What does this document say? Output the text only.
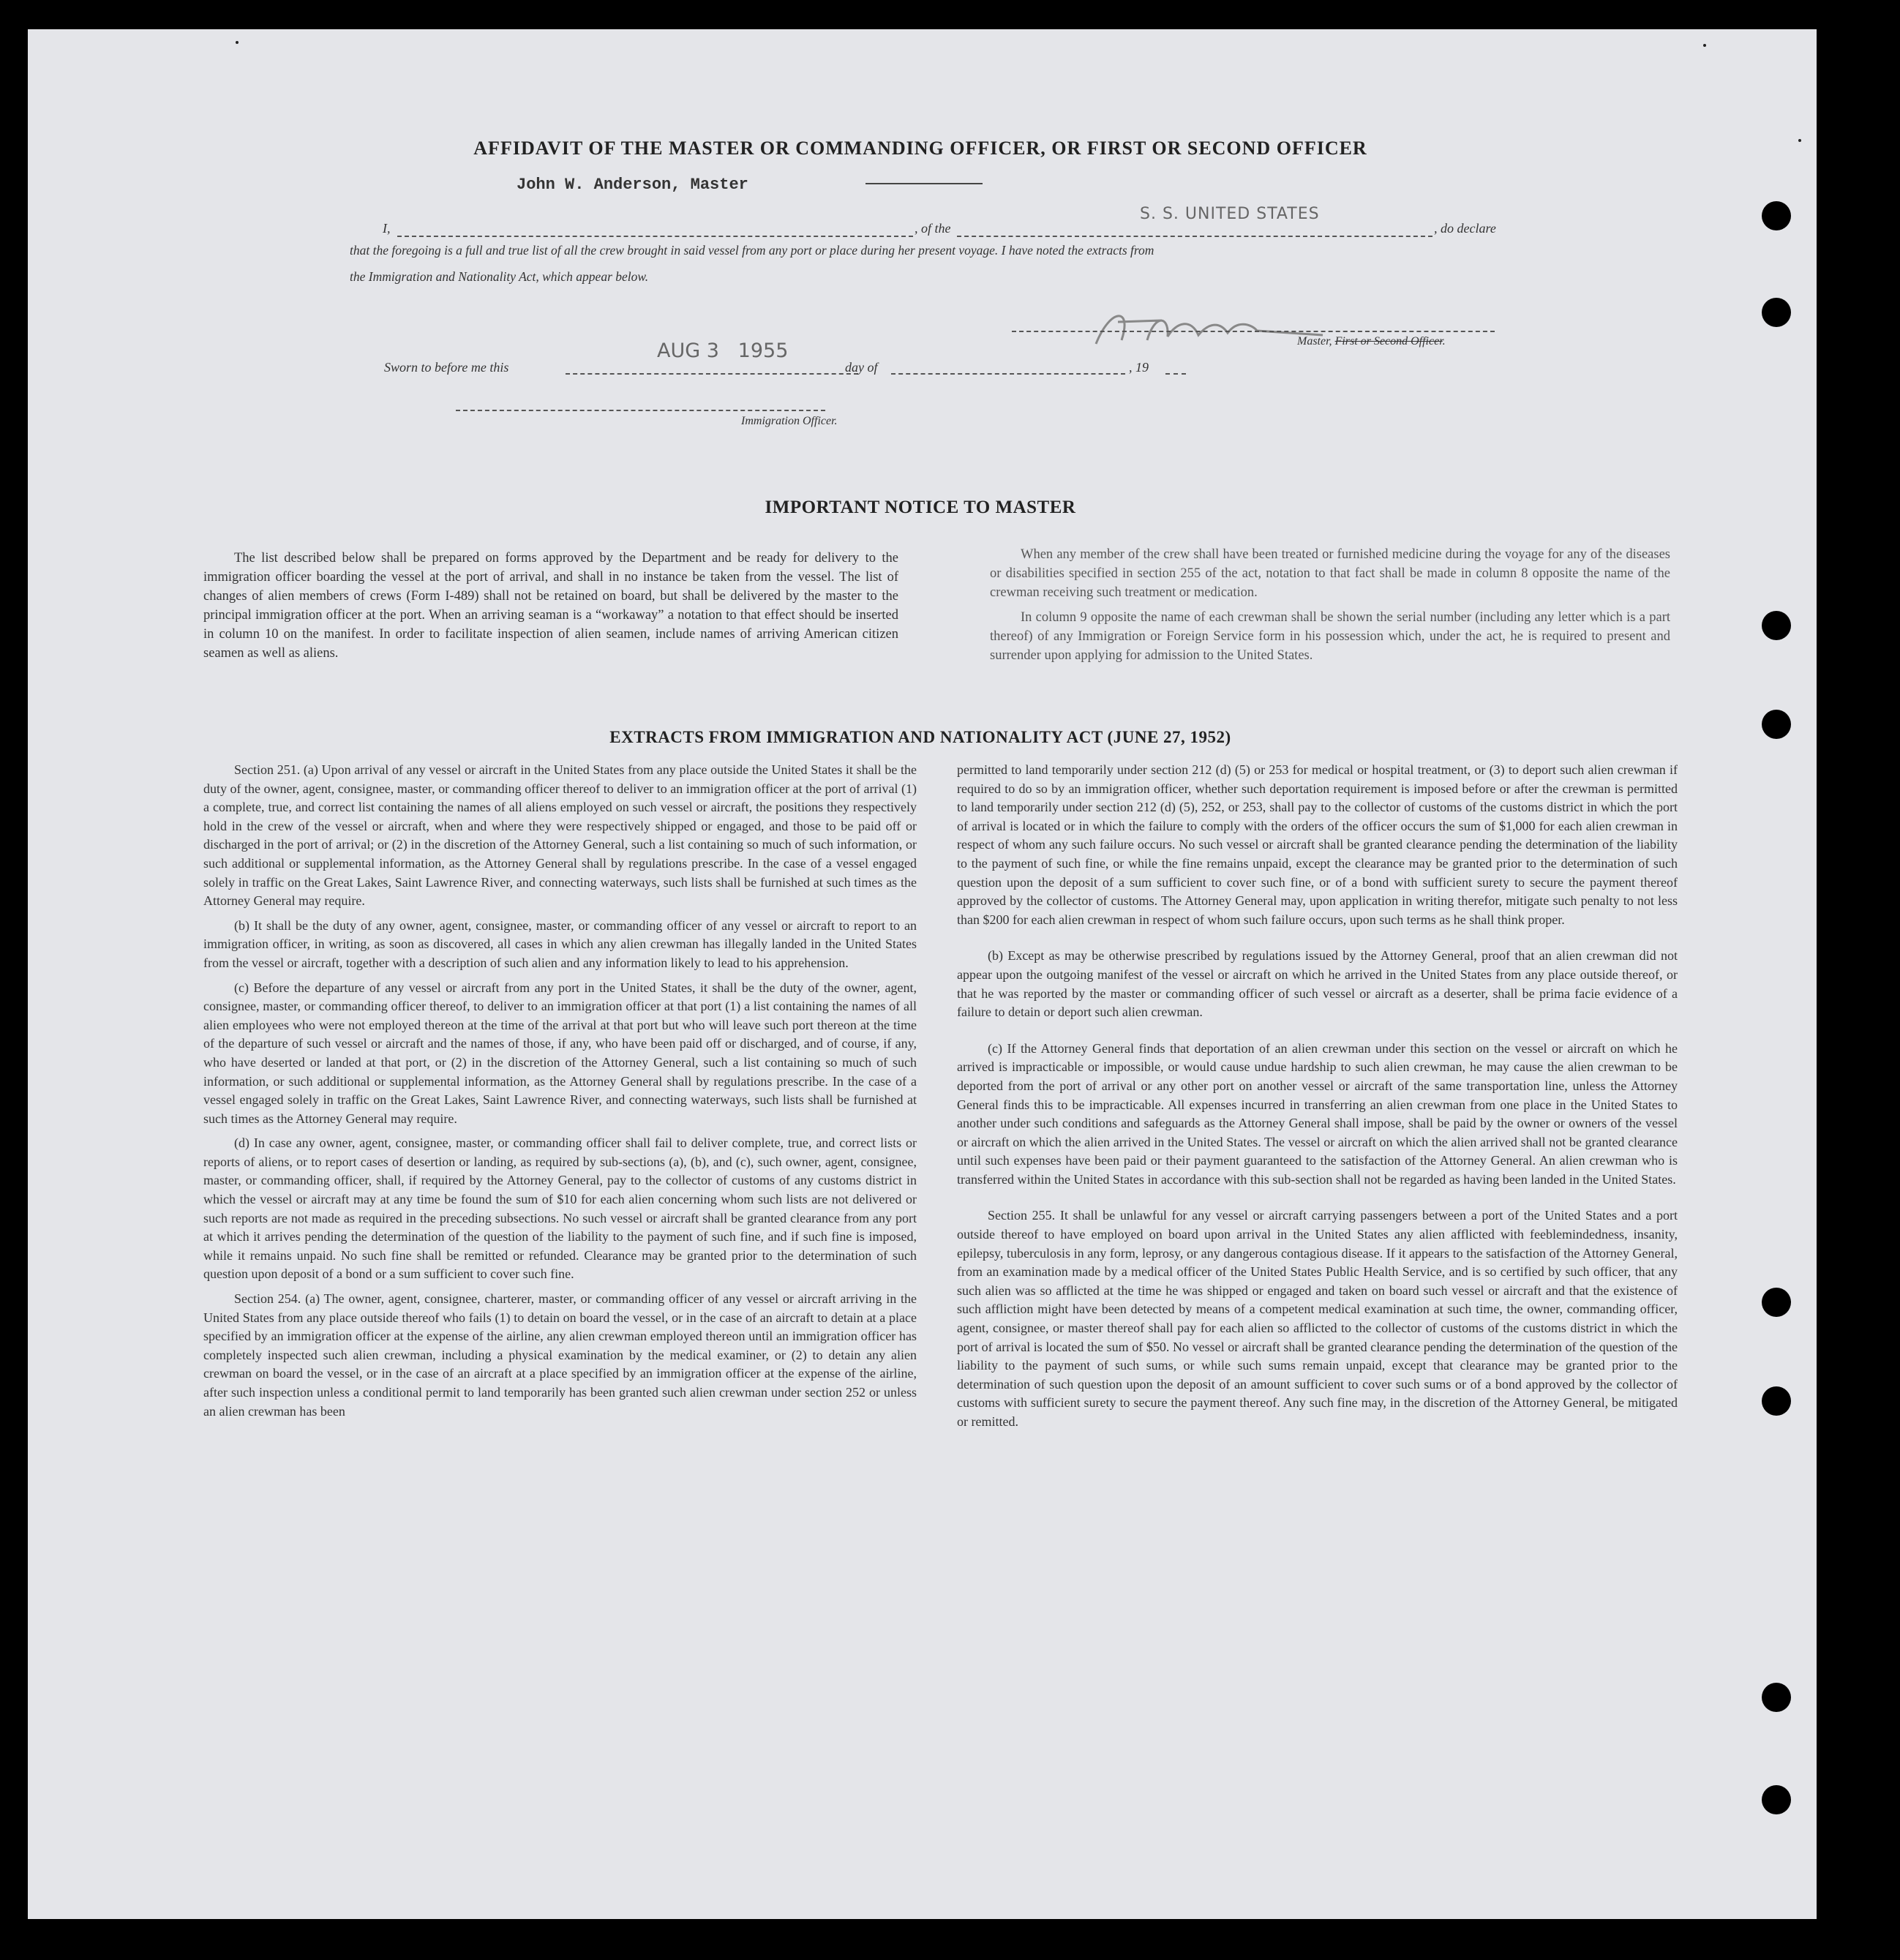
AFFIDAVIT OF THE MASTER OR COMMANDING OFFICER, OR FIRST OR SECOND OFFICER
John W. Anderson, Master
I,	, of the
S. S. UNITED STATES
, do declare
that the foregoing is a full and true list of all the crew brought in said vessel from any port or place during her present voyage. I have noted the extracts from
the Immigration and Nationality Act, which appear below.
Master, First or Second Officer.
Sworn to before me this
AUG 3   1955
day of	, 19
Immigration Officer.
IMPORTANT NOTICE TO MASTER

The list described below shall be prepared on forms approved by the Department and be ready for delivery to the immigration officer boarding the vessel at the port of arrival, and shall in no instance be taken from the vessel. The list of changes of alien members of crews (Form I-489) shall not be retained on board, but shall be delivered by the master to the principal immigration officer at the port. When an arriving seaman is a “workaway” a notation to that effect should be inserted in column 10 on the manifest. In order to facilitate inspection of alien seamen, include names of arriving American citizen seamen as well as aliens.

When any member of the crew shall have been treated or furnished medicine during the voyage for any of the diseases or disabilities specified in section 255 of the act, notation to that fact shall be made in column 8 opposite the name of the crewman receiving such treatment or medication.

In column 9 opposite the name of each crewman shall be shown the serial number (including any letter which is a part thereof) of any Immigration or Foreign Service form in his possession which, under the act, he is required to present and surrender upon applying for admission to the United States.

EXTRACTS FROM IMMIGRATION AND NATIONALITY ACT (JUNE 27, 1952)

Section 251. (a) Upon arrival of any vessel or aircraft in the United States from any place outside the United States it shall be the duty of the owner, agent, consignee, master, or commanding officer thereof to deliver to an immigration officer at the port of arrival (1) a complete, true, and correct list containing the names of all aliens employed on such vessel or aircraft, the positions they respectively hold in the crew of the vessel or aircraft, when and where they were respectively shipped or engaged, and those to be paid off or discharged in the port of arrival; or (2) in the discretion of the Attorney General, such a list containing so much of such information, or such additional or supplemental information, as the Attorney General shall by regulations prescribe. In the case of a vessel engaged solely in traffic on the Great Lakes, Saint Lawrence River, and connecting waterways, such lists shall be furnished at such times as the Attorney General may require.

(b) It shall be the duty of any owner, agent, consignee, master, or commanding officer of any vessel or aircraft to report to an immigration officer, in writing, as soon as discovered, all cases in which any alien crewman has illegally landed in the United States from the vessel or aircraft, together with a description of such alien and any information likely to lead to his apprehension.

(c) Before the departure of any vessel or aircraft from any port in the United States, it shall be the duty of the owner, agent, consignee, master, or commanding officer thereof, to deliver to an immigration officer at that port (1) a list containing the names of all alien employees who were not employed thereon at the time of the arrival at that port but who will leave such port thereon at the time of the departure of such vessel or aircraft and the names of those, if any, who have been paid off or discharged, and of course, if any, who have deserted or landed at that port, or (2) in the discretion of the Attorney General, such a list containing so much of such information, or such additional or supplemental information, as the Attorney General shall by regulations prescribe. In the case of a vessel engaged solely in traffic on the Great Lakes, Saint Lawrence River, and connecting waterways, such lists shall be furnished at such times as the Attorney General may require.

(d) In case any owner, agent, consignee, master, or commanding officer shall fail to deliver complete, true, and correct lists or reports of aliens, or to report cases of desertion or landing, as required by sub-sections (a), (b), and (c), such owner, agent, consignee, master, or commanding officer, shall, if required by the Attorney General, pay to the collector of customs of any customs district in which the vessel or aircraft may at any time be found the sum of $10 for each alien concerning whom such lists are not delivered or such reports are not made as required in the preceding subsections. No such vessel or aircraft shall be granted clearance from any port at which it arrives pending the determination of the question of the liability to the payment of such fine, and if such fine is imposed, while it remains unpaid. No such fine shall be remitted or refunded. Clearance may be granted prior to the determination of such question upon deposit of a bond or a sum sufficient to cover such fine.

Section 254. (a) The owner, agent, consignee, charterer, master, or commanding officer of any vessel or aircraft arriving in the United States from any place outside thereof who fails (1) to detain on board the vessel, or in the case of an aircraft to detain at a place specified by an immigration officer at the expense of the airline, any alien crewman employed thereon until an immigration officer has completely inspected such alien crewman, including a physical examination by the medical examiner, or (2) to detain any alien crewman on board the vessel, or in the case of an aircraft at a place specified by an immigration officer at the expense of the airline, after such inspection unless a conditional permit to land temporarily has been granted such alien crewman under section 252 or unless an alien crewman has been

permitted to land temporarily under section 212 (d) (5) or 253 for medical or hospital treatment, or (3) to deport such alien crewman if required to do so by an immigration officer, whether such deportation requirement is imposed before or after the crewman is permitted to land temporarily under section 212 (d) (5), 252, or 253, shall pay to the collector of customs of the customs district in which the port of arrival is located or in which the failure to comply with the orders of the officer occurs the sum of $1,000 for each alien crewman in respect of whom any such failure occurs. No such vessel or aircraft shall be granted clearance pending the determination of the liability to the payment of such fine, or while the fine remains unpaid, except the clearance may be granted prior to the determination of such question upon the deposit of a sum sufficient to cover such fine, or of a bond with sufficient surety to secure the payment thereof approved by the collector of customs. The Attorney General may, upon application in writing therefor, mitigate such penalty to not less than $200 for each alien crewman in respect of whom such failure occurs, upon such terms as he shall think proper.

(b) Except as may be otherwise prescribed by regulations issued by the Attorney General, proof that an alien crewman did not appear upon the outgoing manifest of the vessel or aircraft on which he arrived in the United States from any place outside thereof, or that he was reported by the master or commanding officer of such vessel or aircraft as a deserter, shall be prima facie evidence of a failure to detain or deport such alien crewman.

(c) If the Attorney General finds that deportation of an alien crewman under this section on the vessel or aircraft on which he arrived is impracticable or impossible, or would cause undue hardship to such alien crewman, he may cause the alien crewman to be deported from the port of arrival or any other port on another vessel or aircraft of the same transportation line, unless the Attorney General finds this to be impracticable. All expenses incurred in transferring an alien crewman from one place in the United States to another under such conditions and safeguards as the Attorney General shall impose, shall be paid by the owner or owners of the vessel or aircraft on which the alien arrived in the United States. The vessel or aircraft on which the alien arrived shall not be granted clearance until such expenses have been paid or their payment guaranteed to the satisfaction of the Attorney General. An alien crewman who is transferred within the United States in accordance with this sub-section shall not be regarded as having been landed in the United States.

Section 255. It shall be unlawful for any vessel or aircraft carrying passengers between a port of the United States and a port outside thereof to have employed on board upon arrival in the United States any alien afflicted with feeblemindedness, insanity, epilepsy, tuberculosis in any form, leprosy, or any dangerous contagious disease. If it appears to the satisfaction of the Attorney General, from an examination made by a medical officer of the United States Public Health Service, and is so certified by such officer, that any such alien was so afflicted at the time he was shipped or engaged and taken on board such vessel or aircraft and that the existence of such affliction might have been detected by means of a competent medical examination at such time, the owner, commanding officer, agent, consignee, or master thereof shall pay for each alien so afflicted to the collector of customs of the customs district in which the port of arrival is located the sum of $50. No vessel or aircraft shall be granted clearance pending the determination of the question of the liability to the payment of such sums, or while such sums remain unpaid, except that clearance may be granted prior to the determination of such question upon the deposit of an amount sufficient to cover such sums or of a bond approved by the collector of customs with sufficient surety to secure the payment thereof. Any such fine may, in the discretion of the Attorney General, be mitigated or remitted.
